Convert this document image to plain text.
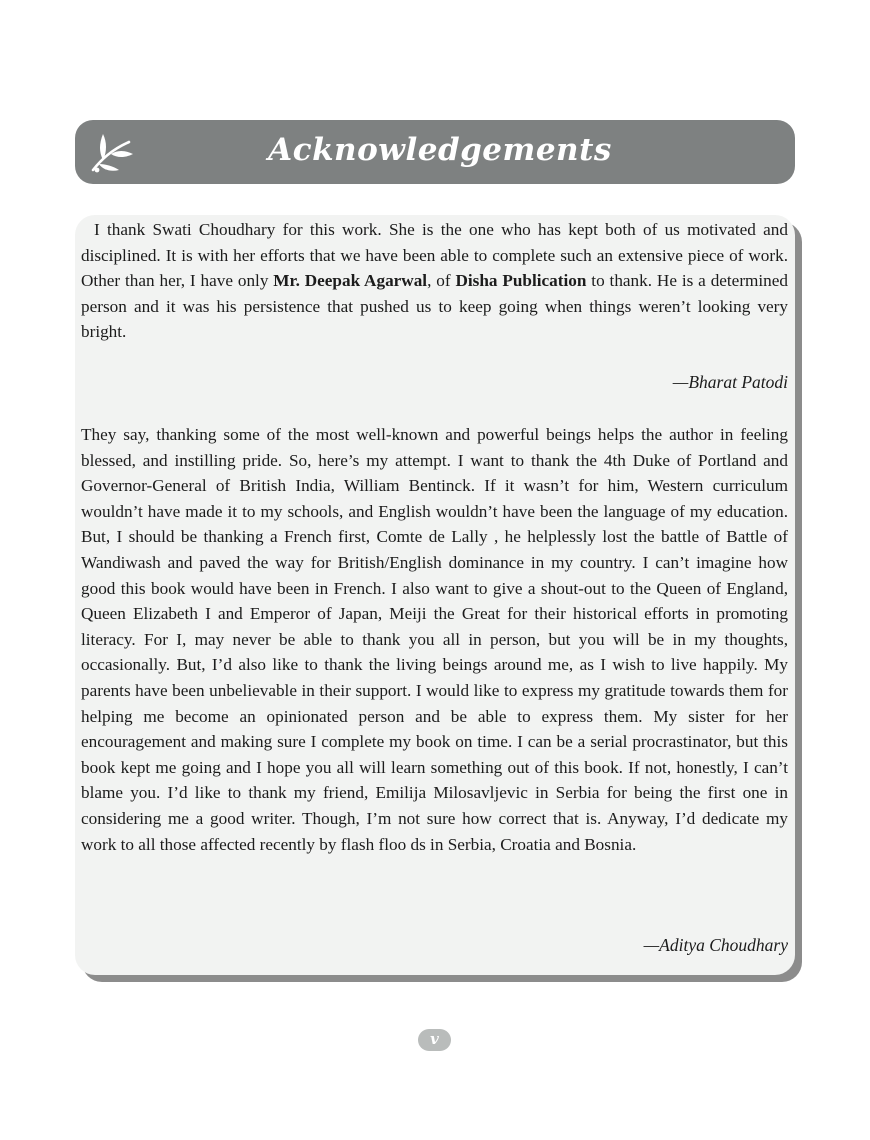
Acknowledgements

I thank Swati Choudhary for this work. She is the one who has kept both of us motivated and disciplined. It is with her efforts that we have been able to complete such an extensive piece of work. Other than her, I have only Mr. Deepak Agarwal, of Disha Publication to thank. He is a determined person and it was his persistence that pushed us to keep going when things weren’t looking very bright.

—Bharat Patodi

They say, thanking some of the most well-known and powerful beings helps the author in feeling blessed, and instilling pride. So, here’s my attempt. I want to thank the 4th Duke of Portland and Governor-General of British India, William Bentinck. If it wasn’t for him, Western curriculum wouldn’t have made it to my schools, and English wouldn’t have been the language of my education. But, I should be thanking a French first, Comte de Lally , he helplessly lost the battle of Battle of Wandiwash and paved the way for British/English dominance in my country. I can’t imagine how good this book would have been in French. I also want to give a shout-out to the Queen of England, Queen Elizabeth I and Emperor of Japan, Meiji the Great for their historical efforts in promoting literacy. For I, may never be able to thank you all in person, but you will be in my thoughts, occasionally. But, I’d also like to thank the living beings around me, as I wish to live happily. My parents have been unbelievable in their support. I would like to express my gratitude towards them for helping me become an opinionated person and be able to express them. My sister for her encouragement and making sure I complete my book on time. I can be a serial procrastinator, but this book kept me going and I hope you all will learn something out of this book. If not, honestly, I can’t blame you. I’d like to thank my friend, Emilija Milosavljevic in Serbia for being the first one in considering me a good writer. Though, I’m not sure how correct that is. Anyway, I’d dedicate my work to all those affected recently by flash floo ds in Serbia, Croatia and Bosnia.

—Aditya Choudhary
v
